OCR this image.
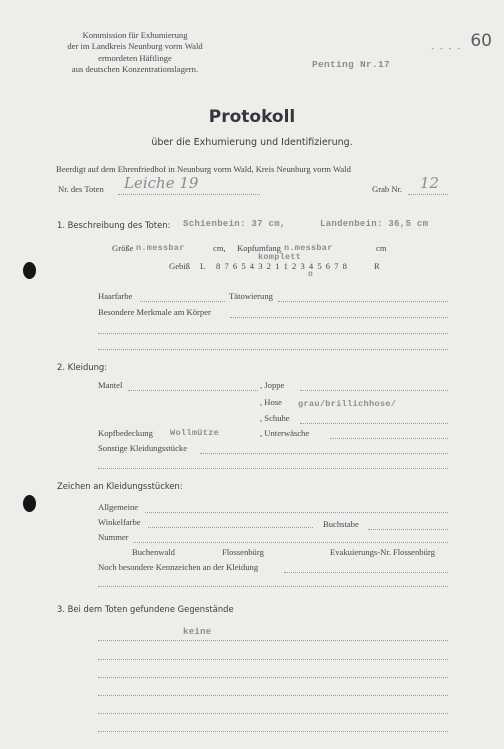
Kommission für Exhumierung
der im Landkreis Neunburg vorm Wald
ermordeten Häftlinge
aus deutschen Konzentrationslagern.	Penting Nr.17
- - - - 60
Protokoll
über die Exhumierung und Identifizierung.
Beerdigt auf dem Ehrenfriedhof in Neunburg vorm Wald, Kreis Neunburg vorm Wald
Nr. des Toten Leiche 19	Grab Nr. 12
1. Beschreibung des Toten: Schienbein: 37 cm,	Landenbein: 36,5 cm
Größe n.messbar	cm, Kopfumfang n.messbar	cm
komplett
Gebiß L 8 7 6 5 4 3 2 1 1 2 3 4 5 6 7 8	R
o
Haarfarbe	Tätowierung
Besondere Merkmale am Körper
2. Kleidung:
Mantel	, Joppe
, Hose grau/brillichhose/
, Schuhe
Kopfbedeckung Wollmütze	, Unterwäsche
Sonstige Kleidungsstücke
Zeichen an Kleidungsstücken:
Allgemeine
Winkelfarbe	Buchstabe
Nummer
Buchenwald	Flossenbürg	Evakuierungs-Nr. Flossenbürg
Noch besondere Kennzeichen an der Kleidung
3. Bei dem Toten gefundene Gegenstände
keine
